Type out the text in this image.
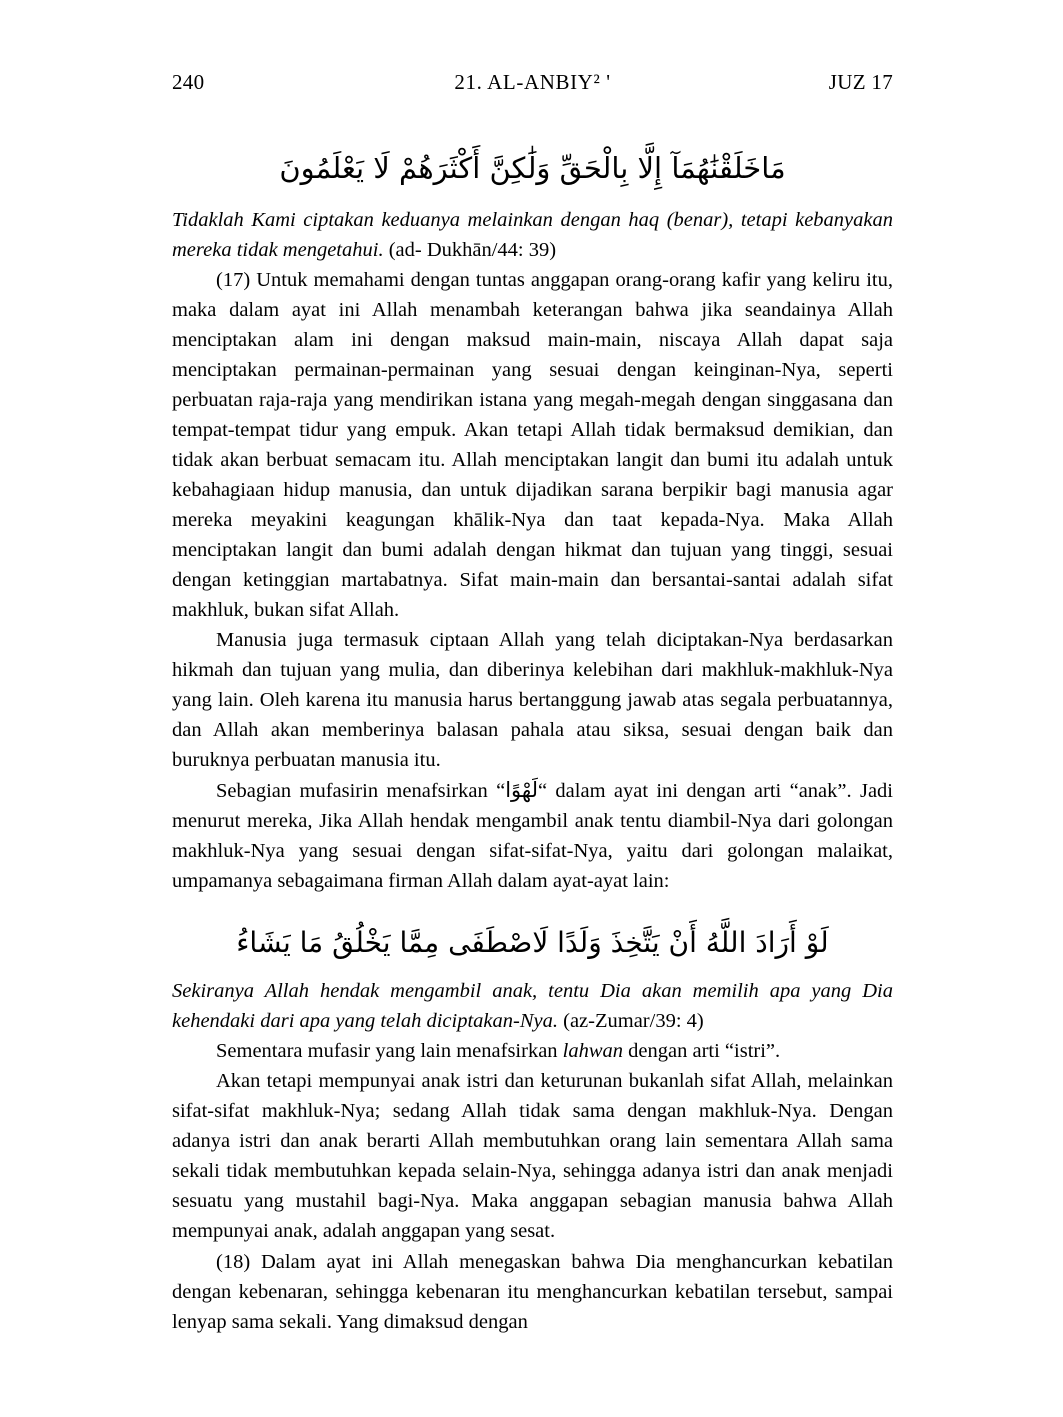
240	21. AL-ANBIY² '	JUZ 17
مَاخَلَقْنَٰهُمَآ إِلَّا بِالْحَقِّ وَلَٰكِنَّ أَكْثَرَهُمْ لَا يَعْلَمُونَ

Tidaklah Kami ciptakan keduanya melainkan dengan haq (benar), tetapi kebanyakan mereka tidak mengetahui. (ad- Dukhān/44: 39)

(17) Untuk memahami dengan tuntas anggapan orang-orang kafir yang keliru itu, maka dalam ayat ini Allah menambah keterangan bahwa jika seandainya Allah menciptakan alam ini dengan maksud main-main, niscaya Allah dapat saja menciptakan permainan-permainan yang sesuai dengan keinginan-Nya, seperti perbuatan raja-raja yang mendirikan istana yang megah-megah dengan singgasana dan tempat-tempat tidur yang empuk. Akan tetapi Allah tidak bermaksud demikian, dan tidak akan berbuat semacam itu. Allah menciptakan langit dan bumi itu adalah untuk kebahagiaan hidup manusia, dan untuk dijadikan sarana berpikir bagi manusia agar mereka meyakini keagungan khālik-Nya dan taat kepada-Nya. Maka Allah menciptakan langit dan bumi adalah dengan hikmat dan tujuan yang tinggi, sesuai dengan ketinggian martabatnya. Sifat main-main dan bersantai-santai adalah sifat makhluk, bukan sifat Allah.

Manusia juga termasuk ciptaan Allah yang telah diciptakan-Nya berdasarkan hikmah dan tujuan yang mulia, dan diberinya kelebihan dari makhluk-makhluk-Nya yang lain. Oleh karena itu manusia harus bertanggung jawab atas segala perbuatannya, dan Allah akan memberinya balasan pahala atau siksa, sesuai dengan baik dan buruknya perbuatan manusia itu.

Sebagian mufasirin menafsirkan “لَهْوًا“ dalam ayat ini dengan arti “anak”. Jadi menurut mereka, Jika Allah hendak mengambil anak tentu diambil-Nya dari golongan makhluk-Nya yang sesuai dengan sifat-sifat-Nya, yaitu dari golongan malaikat, umpamanya sebagaimana firman Allah dalam ayat-ayat lain:

لَوْ أَرَادَ اللَّهُ أَنْ يَتَّخِذَ وَلَدًا لَاصْطَفَى مِمَّا يَخْلُقُ مَا يَشَاءُ

Sekiranya Allah hendak mengambil anak, tentu Dia akan memilih apa yang Dia kehendaki dari apa yang telah diciptakan-Nya. (az-Zumar/39: 4)

Sementara mufasir yang lain menafsirkan lahwan dengan arti “istri”.

Akan tetapi mempunyai anak istri dan keturunan bukanlah sifat Allah, melainkan sifat-sifat makhluk-Nya; sedang Allah tidak sama dengan makhluk-Nya. Dengan adanya istri dan anak berarti Allah membutuhkan orang lain sementara Allah sama sekali tidak membutuhkan kepada selain-Nya, sehingga adanya istri dan anak menjadi sesuatu yang mustahil bagi-Nya. Maka anggapan sebagian manusia bahwa Allah mempunyai anak, adalah anggapan yang sesat.

(18) Dalam ayat ini Allah menegaskan bahwa Dia menghancurkan kebatilan dengan kebenaran, sehingga kebenaran itu menghancurkan kebatilan tersebut, sampai lenyap sama sekali. Yang dimaksud dengan
